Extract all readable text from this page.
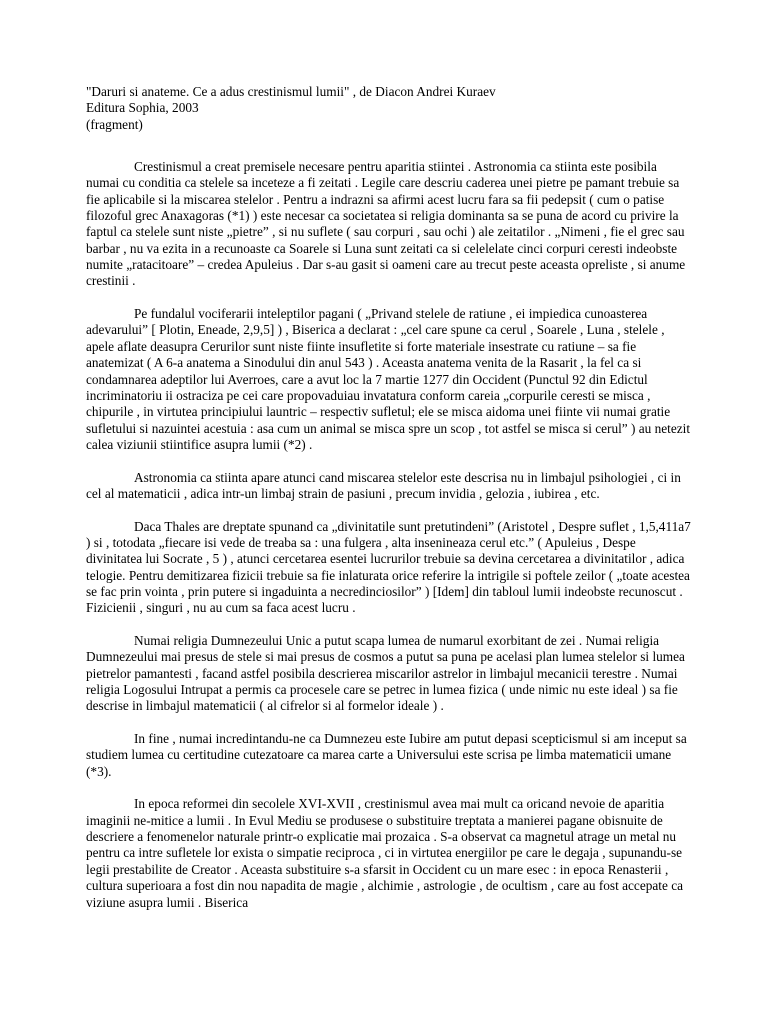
"Daruri si anateme. Ce a adus crestinismul lumii" , de Diacon Andrei Kuraev
Editura Sophia, 2003
(fragment)

Crestinismul a creat premisele necesare pentru aparitia stiintei . Astronomia ca stiinta este posibila numai cu conditia ca stelele sa inceteze a fi zeitati . Legile care descriu caderea unei pietre pe pamant trebuie sa fie aplicabile si la miscarea stelelor . Pentru a indrazni sa afirmi acest lucru fara sa fii pedepsit ( cum o patise filozoful grec Anaxagoras (*1) ) este necesar ca societatea si religia dominanta sa se puna de acord cu privire la faptul ca stelele sunt niste „pietre” , si nu suflete ( sau corpuri , sau ochi ) ale zeitatilor . „Nimeni , fie el grec sau barbar , nu va ezita in a recunoaste ca Soarele si Luna sunt zeitati ca si celelelate cinci corpuri ceresti indeobste numite „ratacitoare” – credea Apuleius . Dar s-au gasit si oameni care au trecut peste aceasta opreliste , si anume crestinii .

Pe fundalul vociferarii inteleptilor pagani ( „Privand stelele de ratiune , ei impiedica cunoasterea adevarului” [ Plotin, Eneade, 2,9,5] ) , Biserica a declarat : „cel care spune ca cerul , Soarele , Luna , stelele , apele aflate deasupra Cerurilor sunt niste fiinte insufletite si forte materiale insestrate cu ratiune – sa fie anatemizat ( A 6-a anatema a Sinodului din anul 543 ) . Aceasta anatema venita de la Rasarit , la fel ca si condamnarea adeptilor lui Averroes, care a avut loc la 7 martie 1277 din Occident (Punctul 92 din Edictul incriminatoriu ii ostraciza pe cei care propovaduiau invatatura conform careia „corpurile ceresti se misca , chipurile , in virtutea principiului launtric – respectiv sufletul; ele se misca aidoma unei fiinte vii numai gratie sufletului si nazuintei acestuia : asa cum un animal se misca spre un scop , tot astfel se misca si cerul” ) au netezit calea viziunii stiintifice asupra lumii (*2) .

Astronomia ca stiinta apare atunci cand miscarea stelelor este descrisa nu in limbajul psihologiei , ci in cel al matematicii , adica intr-un limbaj strain de pasiuni , precum invidia , gelozia , iubirea , etc.

Daca Thales are dreptate spunand ca „divinitatile sunt pretutindeni” (Aristotel , Despre suflet , 1,5,411a7 ) si , totodata „fiecare isi vede de treaba sa : una fulgera , alta insenineaza cerul etc.” ( Apuleius , Despe divinitatea lui Socrate , 5 ) , atunci cercetarea esentei lucrurilor trebuie sa devina cercetarea a divinitatilor , adica telogie. Pentru demitizarea fizicii trebuie sa fie inlaturata orice referire la intrigile si poftele zeilor ( „toate acestea se fac prin vointa , prin putere si ingaduinta a necredinciosilor” ) [Idem] din tabloul lumii indeobste recunoscut . Fizicienii , singuri , nu au cum sa faca acest lucru .

Numai religia Dumnezeului Unic a putut scapa lumea de numarul exorbitant de zei . Numai religia Dumnezeului mai presus de stele si mai presus de cosmos a putut sa puna pe acelasi plan lumea stelelor si lumea pietrelor pamantesti , facand astfel posibila descrierea miscarilor astrelor in limbajul mecanicii terestre . Numai religia Logosului Intrupat a permis ca procesele care se petrec in lumea fizica ( unde nimic nu este ideal ) sa fie descrise in limbajul matematicii ( al cifrelor si al formelor ideale ) .

In fine , numai incredintandu-ne ca Dumnezeu este Iubire am putut depasi scepticismul si am inceput sa studiem lumea cu certitudine cutezatoare ca marea carte a Universului este scrisa pe limba matematicii umane (*3).

In epoca reformei din secolele XVI-XVII , crestinismul avea mai mult ca oricand nevoie de aparitia imaginii ne-mitice a lumii . In Evul Mediu se produsese o substituire treptata a manierei pagane obisnuite de descriere a fenomenelor naturale printr-o explicatie mai prozaica . S-a observat ca magnetul atrage un metal nu pentru ca intre sufletele lor exista o simpatie reciproca , ci in virtutea energiilor pe care le degaja , supunandu-se legii prestabilite de Creator . Aceasta substituire s-a sfarsit in Occident cu un mare esec : in epoca Renasterii , cultura superioara a fost din nou napadita de magie , alchimie , astrologie , de ocultism , care au fost accepate ca viziune asupra lumii . Biserica
